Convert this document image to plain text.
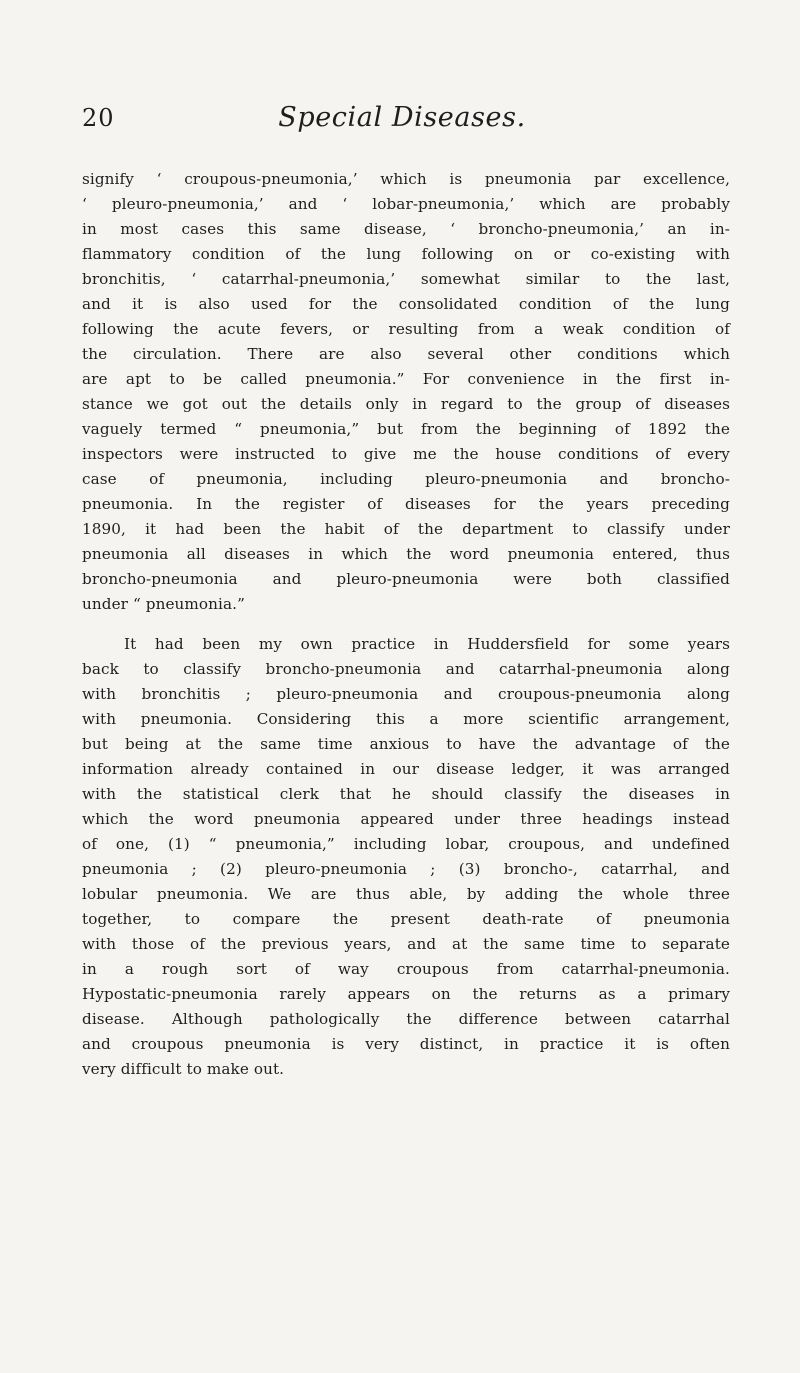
20	Special Diseases.
signify ‘ croupous-pneumonia,’ which is pneumonia par excellence,
‘ pleuro-pneumonia,’ and ‘ lobar-pneumonia,’ which are probably
in most cases this same disease, ‘ broncho-pneumonia,’ an in-
flammatory condition of the lung following on or co-existing with
bronchitis, ‘ catarrhal-pneumonia,’ somewhat similar to the last,
and it is also used for the consolidated condition of the lung
following the acute fevers, or resulting from a weak condition of
the circulation. There are also several other conditions which
are apt to be called pneumonia.” For convenience in the first in-
stance we got out the details only in regard to the group of diseases
vaguely termed “ pneumonia,” but from the beginning of 1892 the
inspectors were instructed to give me the house conditions of every
case of pneumonia, including pleuro-pneumonia and broncho-
pneumonia. In the register of diseases for the years preceding
1890, it had been the habit of the department to classify under
pneumonia all diseases in which the word pneumonia entered, thus
broncho-pneumonia and pleuro-pneumonia were both classified
under “ pneumonia.”
It had been my own practice in Huddersfield for some years
back to classify broncho-pneumonia and catarrhal-pneumonia along
with bronchitis ; pleuro-pneumonia and croupous-pneumonia along
with pneumonia. Considering this a more scientific arrangement,
but being at the same time anxious to have the advantage of the
information already contained in our disease ledger, it was arranged
with the statistical clerk that he should classify the diseases in
which the word pneumonia appeared under three headings instead
of one, (1) “ pneumonia,” including lobar, croupous, and undefined
pneumonia ; (2) pleuro-pneumonia ; (3) broncho-, catarrhal, and
lobular pneumonia. We are thus able, by adding the whole three
together, to compare the present death-rate of pneumonia
with those of the previous years, and at the same time to separate
in a rough sort of way croupous from catarrhal-pneumonia.
Hypostatic-pneumonia rarely appears on the returns as a primary
disease. Although pathologically the difference between catarrhal
and croupous pneumonia is very distinct, in practice it is often
very difficult to make out.
